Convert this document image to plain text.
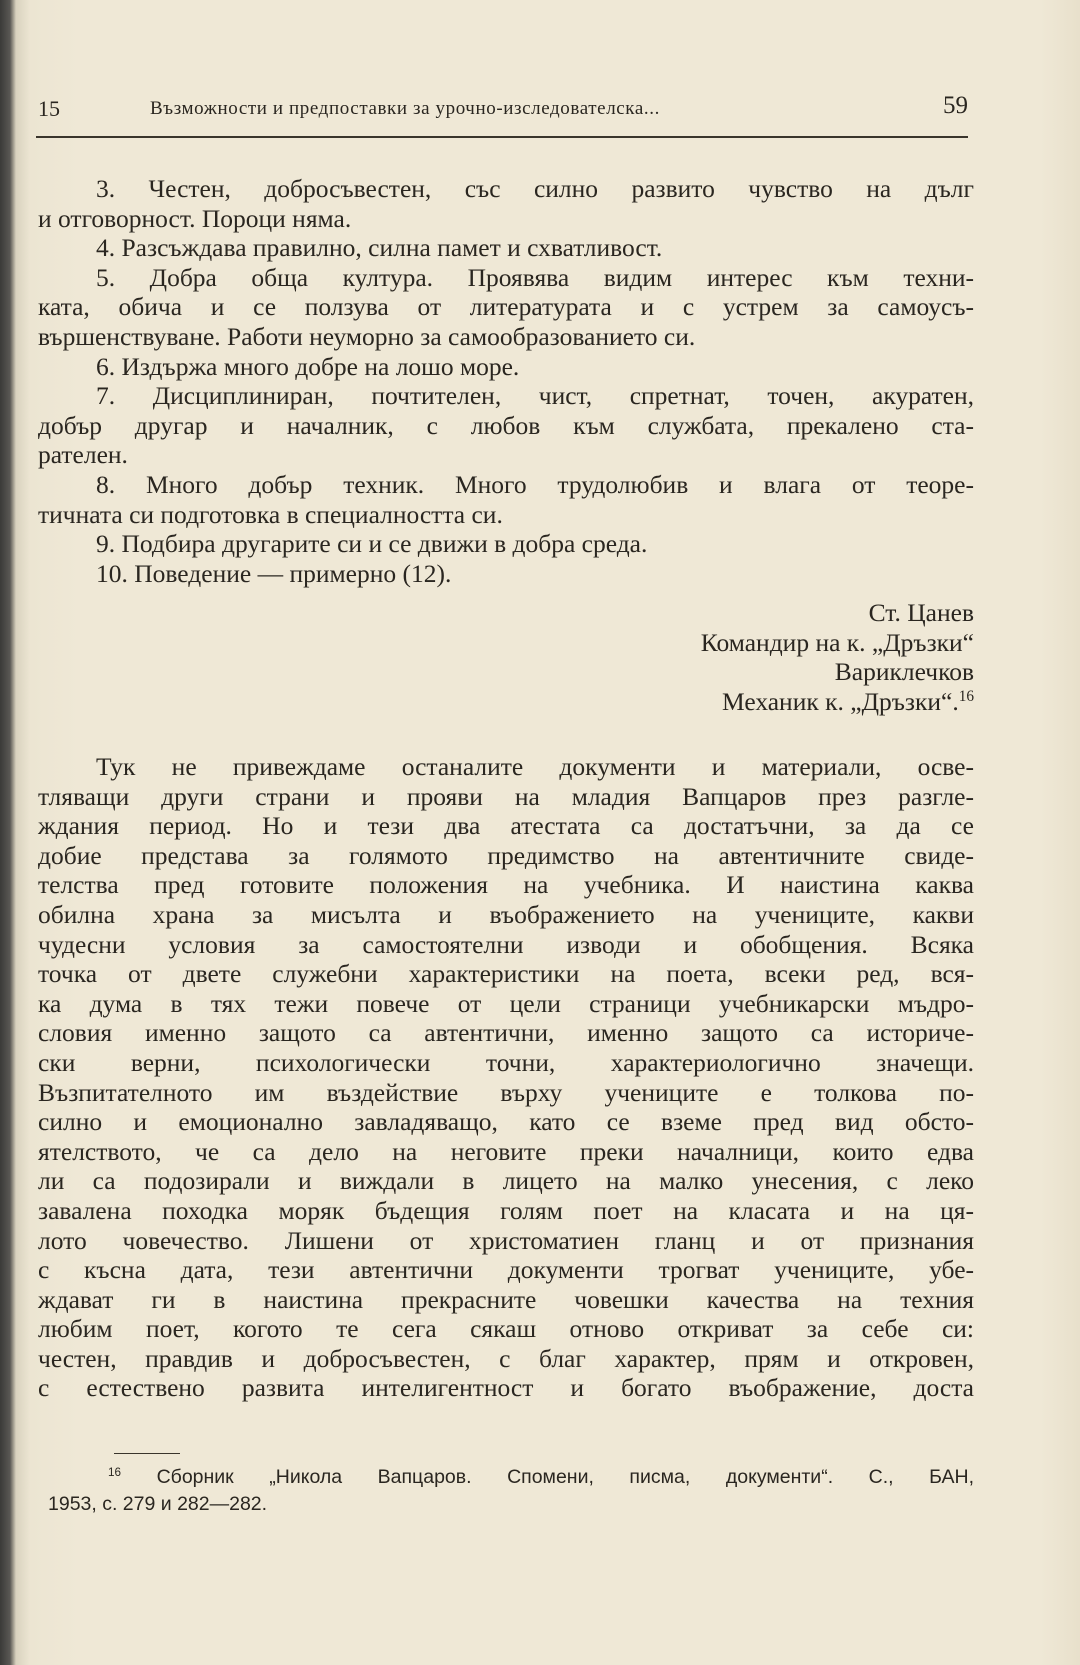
15	Възможности и предпоставки за урочно-изследователска...	59
3. Честен, добросъвестен, със силно развито чувство на дълг
и отговорност. Пороци няма.
4. Разсъждава правилно, силна памет и схватливост.
5. Добра обща култура. Проявява видим интерес към техни-
ката, обича и се ползува от литературата и с устрем за самоусъ-
вършенствуване. Работи неуморно за самообразованието си.
6. Издържа много добре на лошо море.
7. Дисциплиниран, почтителен, чист, спретнат, точен, акуратен,
добър другар и началник, с любов към службата, прекалено ста-
рателен.
8. Много добър техник. Много трудолюбив и влага от теоре-
тичната си подготовка в специалността си.
9. Подбира другарите си и се движи в добра среда.
10. Поведение — примерно (12).
Ст. Цанев
Командир на к. „Дръзки“
Вариклечков
Механик к. „Дръзки“.$^{16}$
Тук не привеждаме останалите документи и материали, осве-
тляващи други страни и прояви на младия Вапцаров през разгле-
ждания период. Но и тези два атестата са достатъчни, за да се
добие представа за голямото предимство на автентичните свиде-
телства пред готовите положения на учебника. И наистина каква
обилна храна за мисълта и въображението на учениците, какви
чудесни условия за самостоятелни изводи и обобщения. Всяка
точка от двете служебни характеристики на поета, всеки ред, вся-
ка дума в тях тежи повече от цели страници учебникарски мъдро-
словия именно защото са автентични, именно защото са историче-
ски верни, психологически точни, характериологично значещи.
Възпитателното им въздействие върху учениците е толкова по-
силно и емоционално завладяващо, като се вземе пред вид обсто-
ятелството, че са дело на неговите преки началници, които едва
ли са подозирали и виждали в лицето на малко унесения, с леко
завалена походка моряк бъдещия голям поет на класата и на ця-
лото човечество. Лишени от христоматиен гланц и от признания
с късна дата, тези автентични документи трогват учениците, убе-
ждават ги в наистина прекрасните човешки качества на техния
любим поет, когото те сега сякаш отново откриват за себе си:
честен, правдив и добросъвестен, с благ характер, прям и откровен,
с естествено развита интелигентност и богато въображение, доста
$^{16}$ Сборник „Никола Вапцаров. Спомени, писма, документи“. С., БАН,
1953, с. 279 и 282—282.
